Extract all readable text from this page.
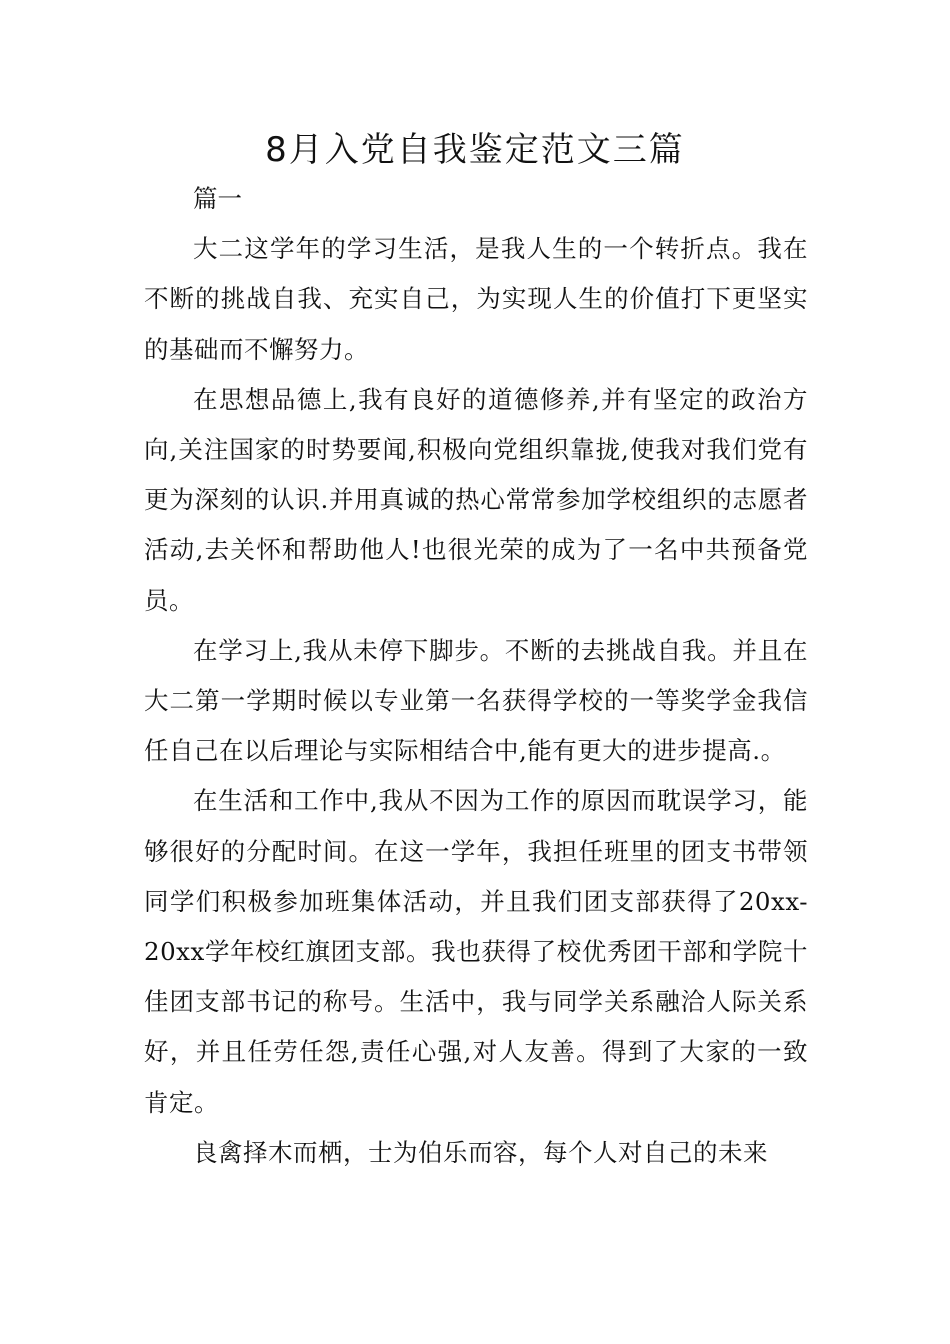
8月入党自我鉴定范文三篇

篇一

大二这学年的学习生活，是我人生的一个转折点。我在不断的挑战自我、充实自己，为实现人生的价值打下更坚实的基础而不懈努力。

在思想品德上,我有良好的道德修养,并有坚定的政治方向,关注国家的时势要闻,积极向党组织靠拢,使我对我们党有更为深刻的认识.并用真诚的热心常常参加学校组织的志愿者活动,去关怀和帮助他人!也很光荣的成为了一名中共预备党员。

在学习上,我从未停下脚步。不断的去挑战自我。并且在大二第一学期时候以专业第一名获得学校的一等奖学金我信任自己在以后理论与实际相结合中,能有更大的进步提高.。

在生活和工作中,我从不因为工作的原因而耽误学习，能够很好的分配时间。在这一学年，我担任班里的团支书带领同学们积极参加班集体活动，并且我们团支部获得了20xx-20xx学年校红旗团支部。我也获得了校优秀团干部和学院十佳团支部书记的称号。生活中，我与同学关系融洽人际关系好，并且任劳任怨,责任心强,对人友善。得到了大家的一致肯定。

良禽择木而栖，士为伯乐而容，每个人对自己的未来
